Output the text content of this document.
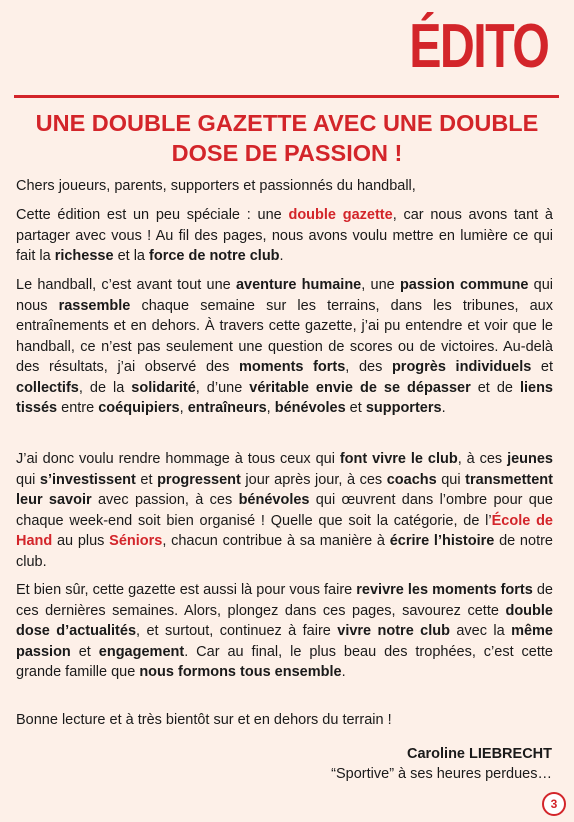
ÉDITO
UNE DOUBLE GAZETTE AVEC UNE DOUBLE
DOSE DE PASSION !

Chers joueurs, parents, supporters et passionnés du handball,

Cette édition est un peu spéciale : une double gazette, car nous avons tant à partager avec vous ! Au fil des pages, nous avons voulu mettre en lumière ce qui fait la richesse et la force de notre club.

Le handball, c’est avant tout une aventure humaine, une passion commune qui nous rassemble chaque semaine sur les terrains, dans les tribunes, aux entraînements et en dehors. À travers cette gazette, j’ai pu entendre et voir que le handball, ce n’est pas seulement une question de scores ou de victoires. Au-delà des résultats, j’ai observé des moments forts, des progrès individuels et collectifs, de la solidarité, d’une véritable envie de se dépasser et de liens tissés entre coéquipiers, entraîneurs, bénévoles et supporters.

J’ai donc voulu rendre hommage à tous ceux qui font vivre le club, à ces jeunes qui s’investissent et progressent jour après jour, à ces coachs qui transmettent leur savoir avec passion, à ces bénévoles qui œuvrent dans l’ombre pour que chaque week-end soit bien organisé ! Quelle que soit la catégorie, de l’École de Hand au plus Séniors, chacun contribue à sa manière à écrire l’histoire de notre club.

Et bien sûr, cette gazette est aussi là pour vous faire revivre les moments forts de ces dernières semaines. Alors, plongez dans ces pages, savourez cette double dose d’actualités, et surtout, continuez à faire vivre notre club avec la même passion et engagement. Car au final, le plus beau des trophées, c’est cette grande famille que nous formons tous ensemble.

Bonne lecture et à très bientôt sur et en dehors du terrain !

Caroline LIEBRECHT
“Sportive” à ses heures perdues…
3
